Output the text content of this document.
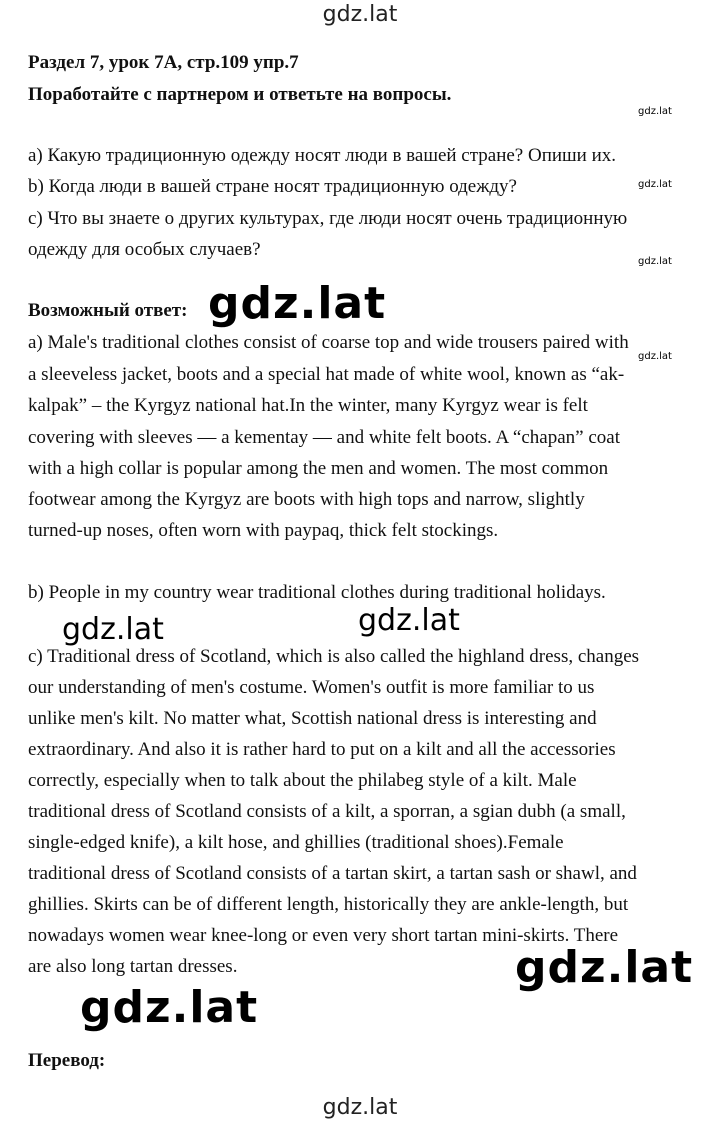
gdz.lat
gdz.lat
gdz.lat
gdz.lat
gdz.lat
Раздел 7, урок 7А, стр.109 упр.7
Поработайте с партнером и ответьте на вопросы.
a) Какую традиционную одежду носят люди в вашей стране? Опиши их.
b) Когда люди в вашей стране носят традиционную одежду?
c) Что вы знаете о других культурах, где люди носят очень традиционную
одежду для особых случаев?
Возможный ответ: gdz.lat
a) Male's traditional clothes consist of coarse top and wide trousers paired with
a sleeveless jacket, boots and a special hat made of white wool, known as “ak-
kalpak” – the Kyrgyz national hat.In the winter, many Kyrgyz wear is felt
covering with sleeves — a kementay — and white felt boots. A “chapan” coat
with a high collar is popular among the men and women. The most common
footwear among the Kyrgyz are boots with high tops and narrow, slightly
turned-up noses, often worn with paypaq, thick felt stockings.
b) People in my country wear traditional clothes during traditional holidays.
gdz.lat	gdz.lat
c) Traditional dress of Scotland, which is also called the highland dress, changes
our understanding of men's costume. Women's outfit is more familiar to us
unlike men's kilt. No matter what, Scottish national dress is interesting and
extraordinary. And also it is rather hard to put on a kilt and all the accessories
correctly, especially when to talk about the philabeg style of a kilt. Male
traditional dress of Scotland consists of a kilt, a sporran, a sgian dubh (a small,
single-edged knife), a kilt hose, and ghillies (traditional shoes).Female
traditional dress of Scotland consists of a tartan skirt, a tartan sash or shawl, and
ghillies. Skirts can be of different length, historically they are ankle-length, but
nowadays women wear knee-long or even very short tartan mini-skirts. There
are also long tartan dresses.	gdz.lat
gdz.lat
Перевод:
gdz.lat
